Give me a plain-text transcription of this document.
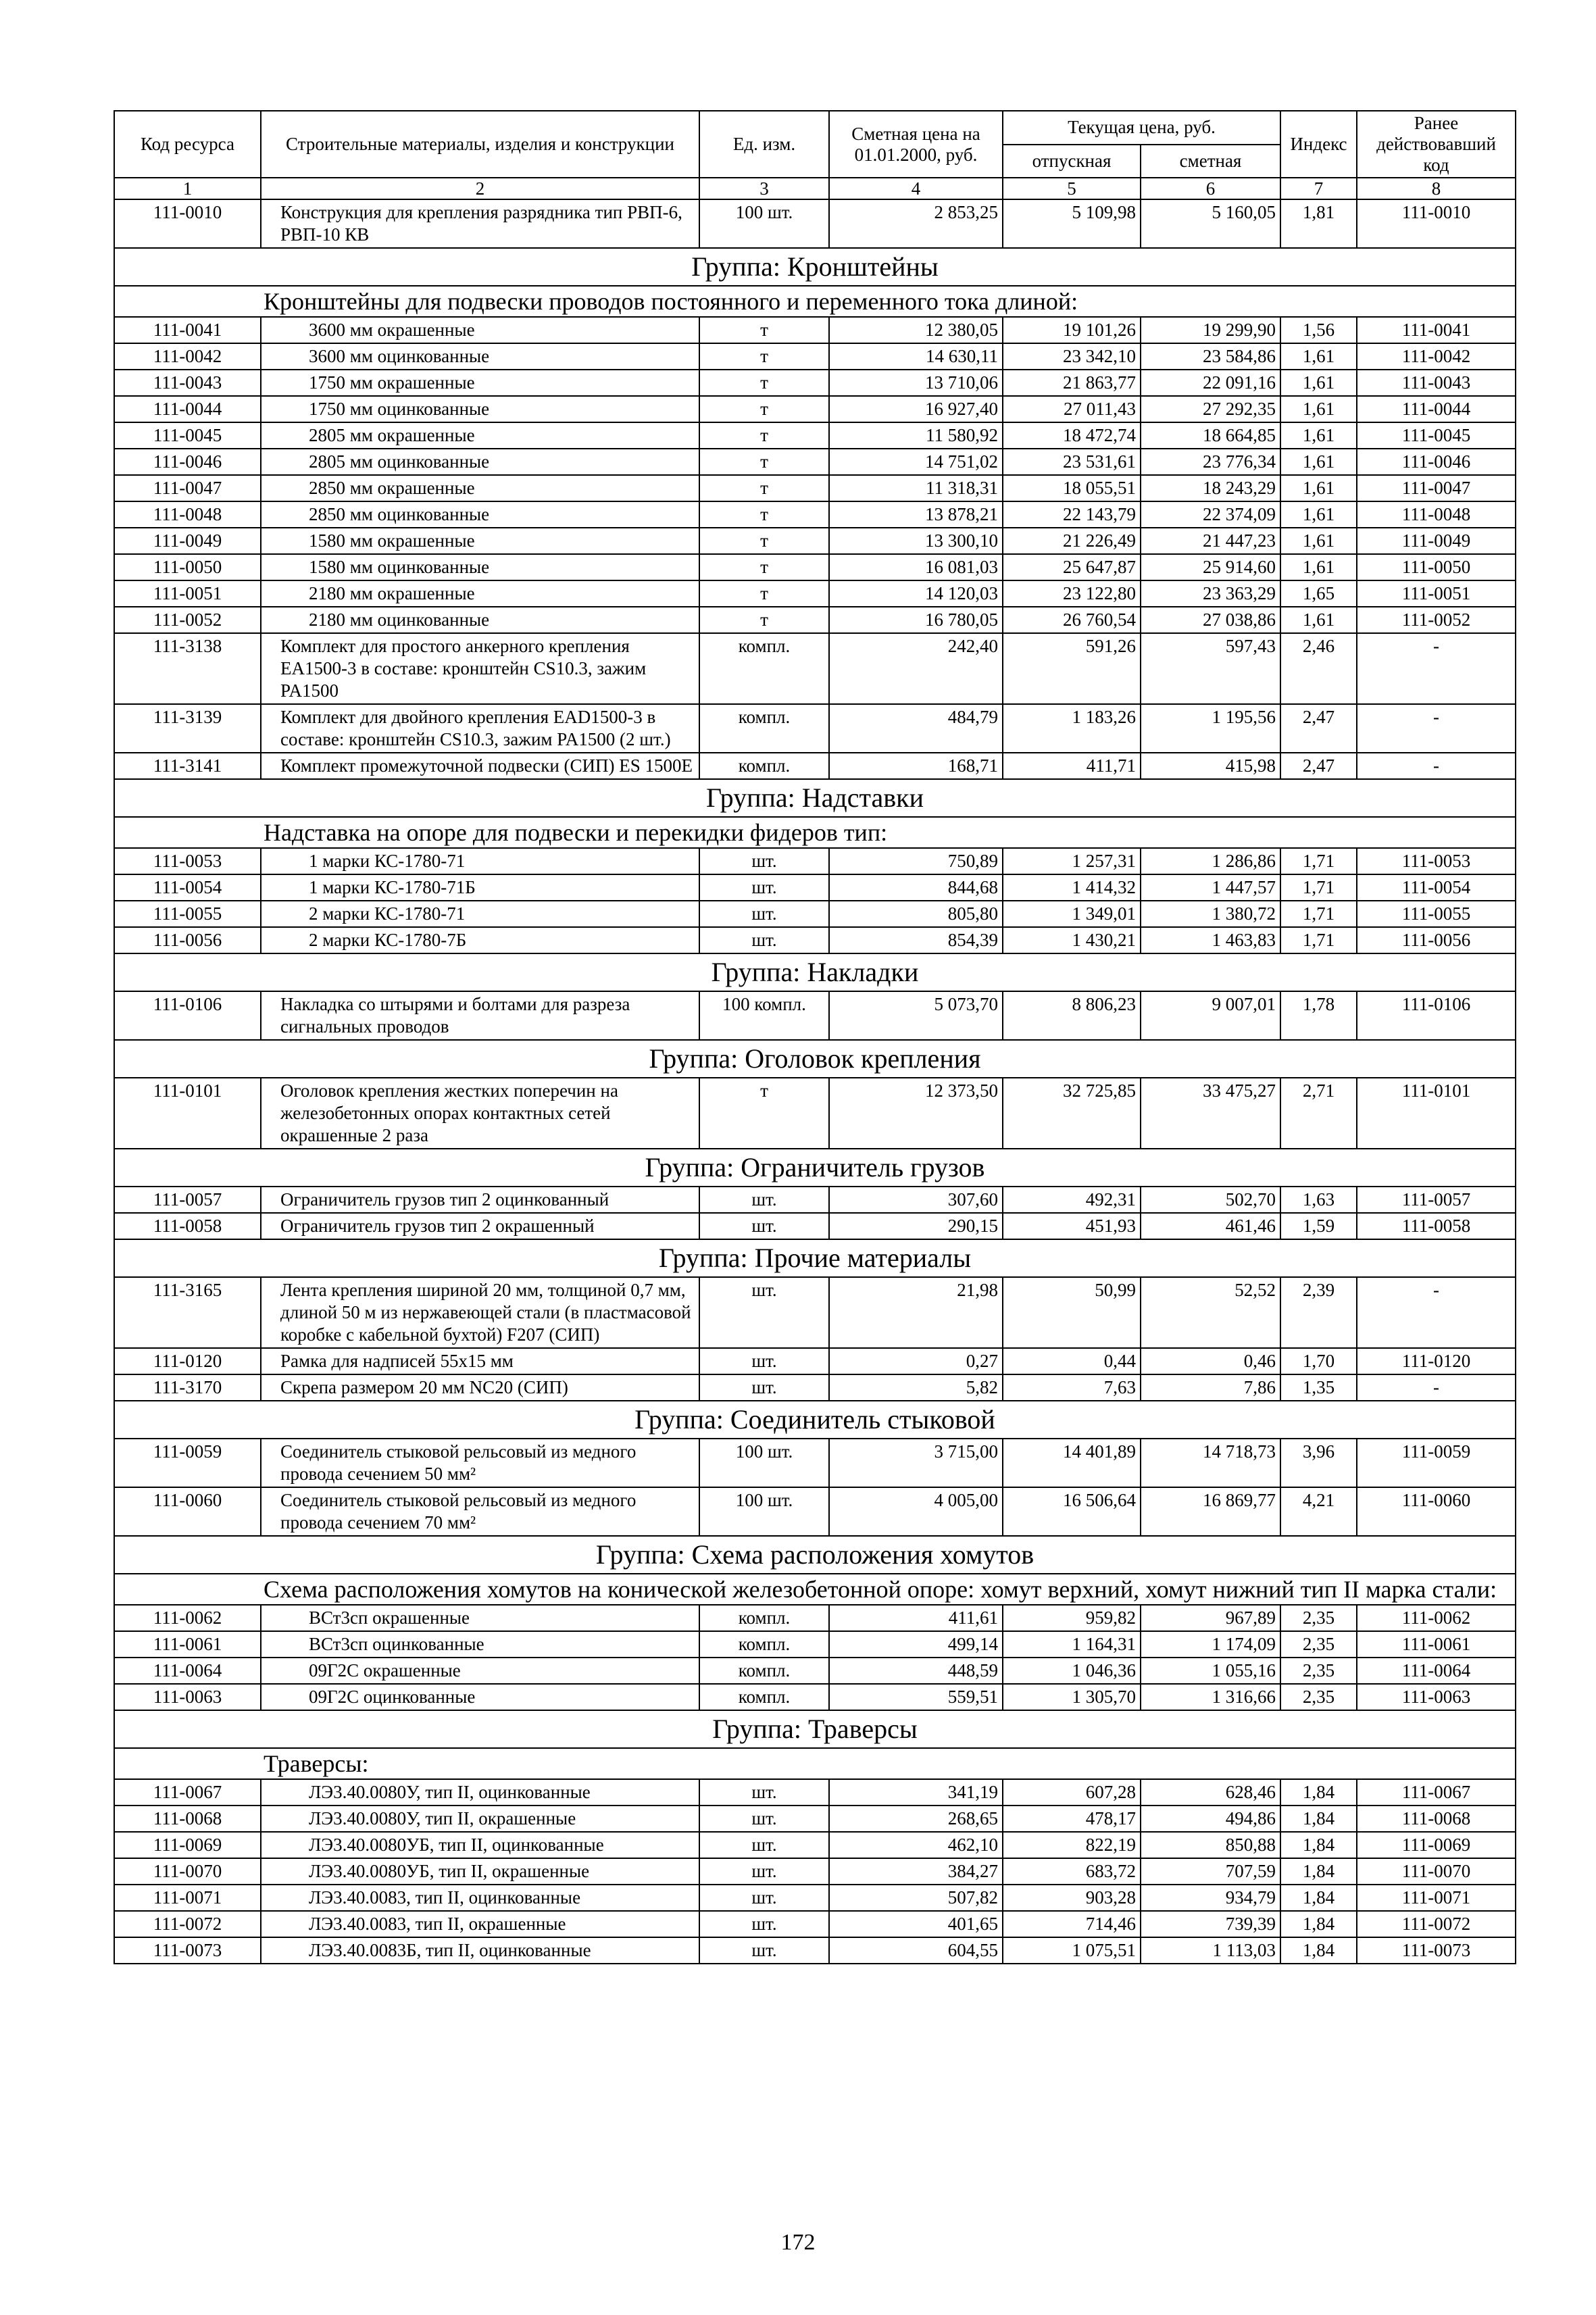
Код ресурса	Строительные материалы, изделия и конструкции	Ед. изм.	Сметная цена на 01.01.2000, руб.	Текущая цена, руб.		Индекс	Ранее действовавший код
				отпускная	сметная		
1	2	3	4	5	6	7	8
111-0010	Конструкция для крепления разрядника тип РВП-6, РВП-10 КВ	100 шт.	2 853,25	5 109,98	5 160,05	1,81	111-0010
Группа: Кронштейны							
Кронштейны для подвески проводов постоянного и переменного тока длиной:							
111-0041	3600 мм окрашенные	т	12 380,05	19 101,26	19 299,90	1,56	111-0041
111-0042	3600 мм оцинкованные	т	14 630,11	23 342,10	23 584,86	1,61	111-0042
111-0043	1750 мм окрашенные	т	13 710,06	21 863,77	22 091,16	1,61	111-0043
111-0044	1750 мм оцинкованные	т	16 927,40	27 011,43	27 292,35	1,61	111-0044
111-0045	2805 мм окрашенные	т	11 580,92	18 472,74	18 664,85	1,61	111-0045
111-0046	2805 мм оцинкованные	т	14 751,02	23 531,61	23 776,34	1,61	111-0046
111-0047	2850 мм окрашенные	т	11 318,31	18 055,51	18 243,29	1,61	111-0047
111-0048	2850 мм оцинкованные	т	13 878,21	22 143,79	22 374,09	1,61	111-0048
111-0049	1580 мм окрашенные	т	13 300,10	21 226,49	21 447,23	1,61	111-0049
111-0050	1580 мм оцинкованные	т	16 081,03	25 647,87	25 914,60	1,61	111-0050
111-0051	2180 мм окрашенные	т	14 120,03	23 122,80	23 363,29	1,65	111-0051
111-0052	2180 мм оцинкованные	т	16 780,05	26 760,54	27 038,86	1,61	111-0052
111-3138	Комплект для простого анкерного крепления EA1500-3 в составе: кронштейн CS10.3, зажим PA1500	компл.	242,40	591,26	597,43	2,46	-
111-3139	Комплект для двойного крепления EAD1500-3 в составе: кронштейн CS10.3, зажим PA1500 (2 шт.)	компл.	484,79	1 183,26	1 195,56	2,47	-
111-3141	Комплект промежуточной подвески (СИП) ES 1500E	компл.	168,71	411,71	415,98	2,47	-
Группа: Надставки							
Надставка на опоре для подвески и перекидки фидеров тип:							
111-0053	1 марки КС-1780-71	шт.	750,89	1 257,31	1 286,86	1,71	111-0053
111-0054	1 марки КС-1780-71Б	шт.	844,68	1 414,32	1 447,57	1,71	111-0054
111-0055	2 марки КС-1780-71	шт.	805,80	1 349,01	1 380,72	1,71	111-0055
111-0056	2 марки КС-1780-7Б	шт.	854,39	1 430,21	1 463,83	1,71	111-0056
Группа: Накладки							
111-0106	Накладка со штырями и болтами для разреза сигнальных проводов	100 компл.	5 073,70	8 806,23	9 007,01	1,78	111-0106
Группа: Оголовок крепления							
111-0101	Оголовок крепления жестких поперечин на железобетонных опорах контактных сетей окрашенные 2 раза	т	12 373,50	32 725,85	33 475,27	2,71	111-0101
Группа: Ограничитель грузов							
111-0057	Ограничитель грузов тип 2 оцинкованный	шт.	307,60	492,31	502,70	1,63	111-0057
111-0058	Ограничитель грузов тип 2 окрашенный	шт.	290,15	451,93	461,46	1,59	111-0058
Группа: Прочие материалы							
111-3165	Лента крепления шириной 20 мм, толщиной 0,7 мм, длиной 50 м из нержавеющей стали (в пластмасовой коробке с кабельной бухтой) F207 (СИП)	шт.	21,98	50,99	52,52	2,39	-
111-0120	Рамка для надписей 55х15 мм	шт.	0,27	0,44	0,46	1,70	111-0120
111-3170	Скрепа размером 20 мм NC20 (СИП)	шт.	5,82	7,63	7,86	1,35	-
Группа: Соединитель стыковой							
111-0059	Соединитель стыковой рельсовый из медного провода сечением 50 мм²	100 шт.	3 715,00	14 401,89	14 718,73	3,96	111-0059
111-0060	Соединитель стыковой рельсовый из медного провода сечением 70 мм²	100 шт.	4 005,00	16 506,64	16 869,77	4,21	111-0060
Группа: Схема расположения хомутов							
Схема расположения хомутов на конической железобетонной опоре: хомут верхний, хомут нижний тип II марка стали:							
111-0062	ВСт3сп окрашенные	компл.	411,61	959,82	967,89	2,35	111-0062
111-0061	ВСт3сп оцинкованные	компл.	499,14	1 164,31	1 174,09	2,35	111-0061
111-0064	09Г2С окрашенные	компл.	448,59	1 046,36	1 055,16	2,35	111-0064
111-0063	09Г2С оцинкованные	компл.	559,51	1 305,70	1 316,66	2,35	111-0063
Группа: Траверсы							
Траверсы:							
111-0067	ЛЭ3.40.0080У, тип II, оцинкованные	шт.	341,19	607,28	628,46	1,84	111-0067
111-0068	ЛЭ3.40.0080У, тип II, окрашенные	шт.	268,65	478,17	494,86	1,84	111-0068
111-0069	ЛЭ3.40.0080УБ, тип II, оцинкованные	шт.	462,10	822,19	850,88	1,84	111-0069
111-0070	ЛЭ3.40.0080УБ, тип II, окрашенные	шт.	384,27	683,72	707,59	1,84	111-0070
111-0071	ЛЭ3.40.0083, тип II, оцинкованные	шт.	507,82	903,28	934,79	1,84	111-0071
111-0072	ЛЭ3.40.0083, тип II, окрашенные	шт.	401,65	714,46	739,39	1,84	111-0072
111-0073	ЛЭ3.40.0083Б, тип II, оцинкованные	шт.	604,55	1 075,51	1 113,03	1,84	111-0073
172
